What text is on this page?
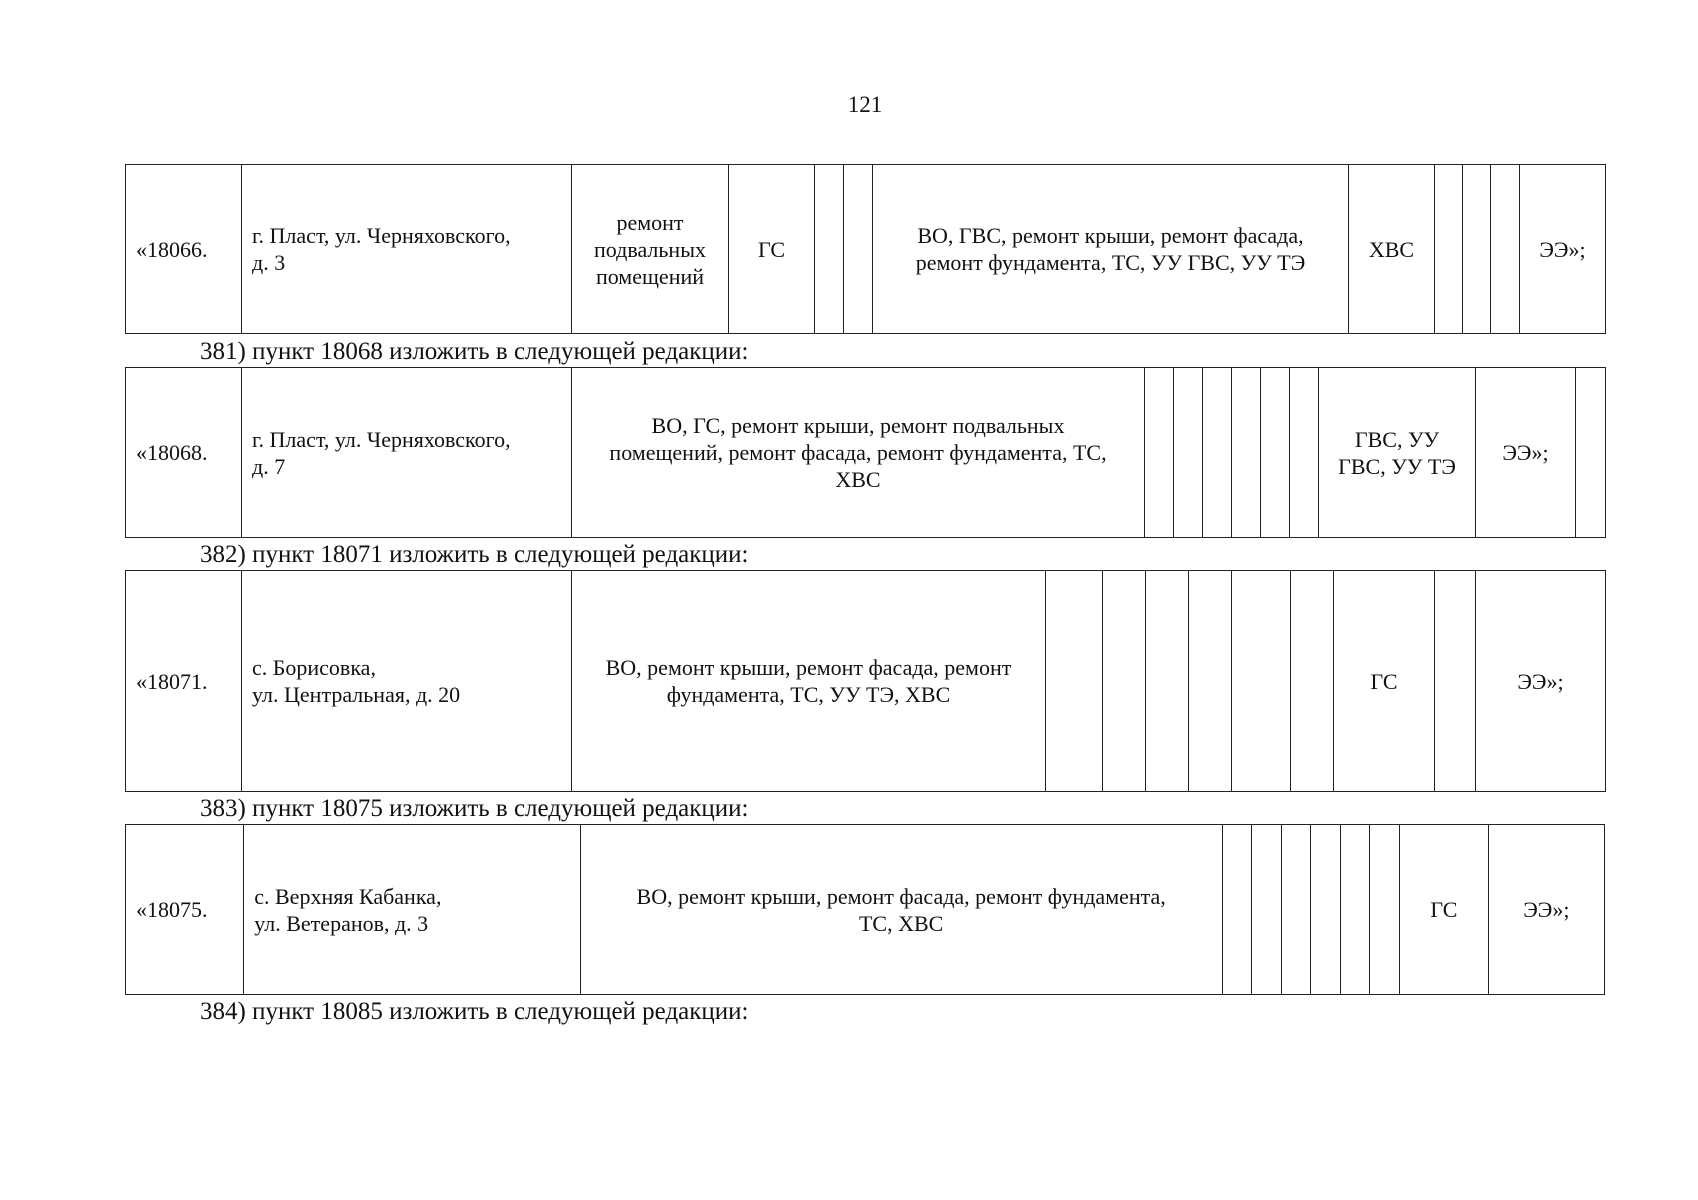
121
«18066.	г. Пласт, ул. Черняховского,
д. 3	ремонт
подвальных
помещений	ГС			ВО, ГВС, ремонт крыши, ремонт фасада,
ремонт фундамента, ТС, УУ ГВС, УУ ТЭ	ХВС				ЭЭ»;
381) пункт 18068 изложить в следующей редакции:
«18068.	г. Пласт, ул. Черняховского,
д. 7	ВО, ГС, ремонт крыши, ремонт подвальных
помещений, ремонт фасада, ремонт фундамента, ТС,
ХВС							ГВС, УУ
ГВС, УУ ТЭ	ЭЭ»;	
382) пункт 18071 изложить в следующей редакции:
«18071.	с. Борисовка,
ул. Центральная, д. 20	ВО, ремонт крыши, ремонт фасада, ремонт
фундамента, ТС, УУ ТЭ, ХВС							ГС		ЭЭ»;
383) пункт 18075 изложить в следующей редакции:
«18075.	с. Верхняя Кабанка,
ул. Ветеранов, д. 3	ВО, ремонт крыши, ремонт фасада, ремонт фундамента,
ТС, ХВС							ГС	ЭЭ»;
384) пункт 18085 изложить в следующей редакции:
